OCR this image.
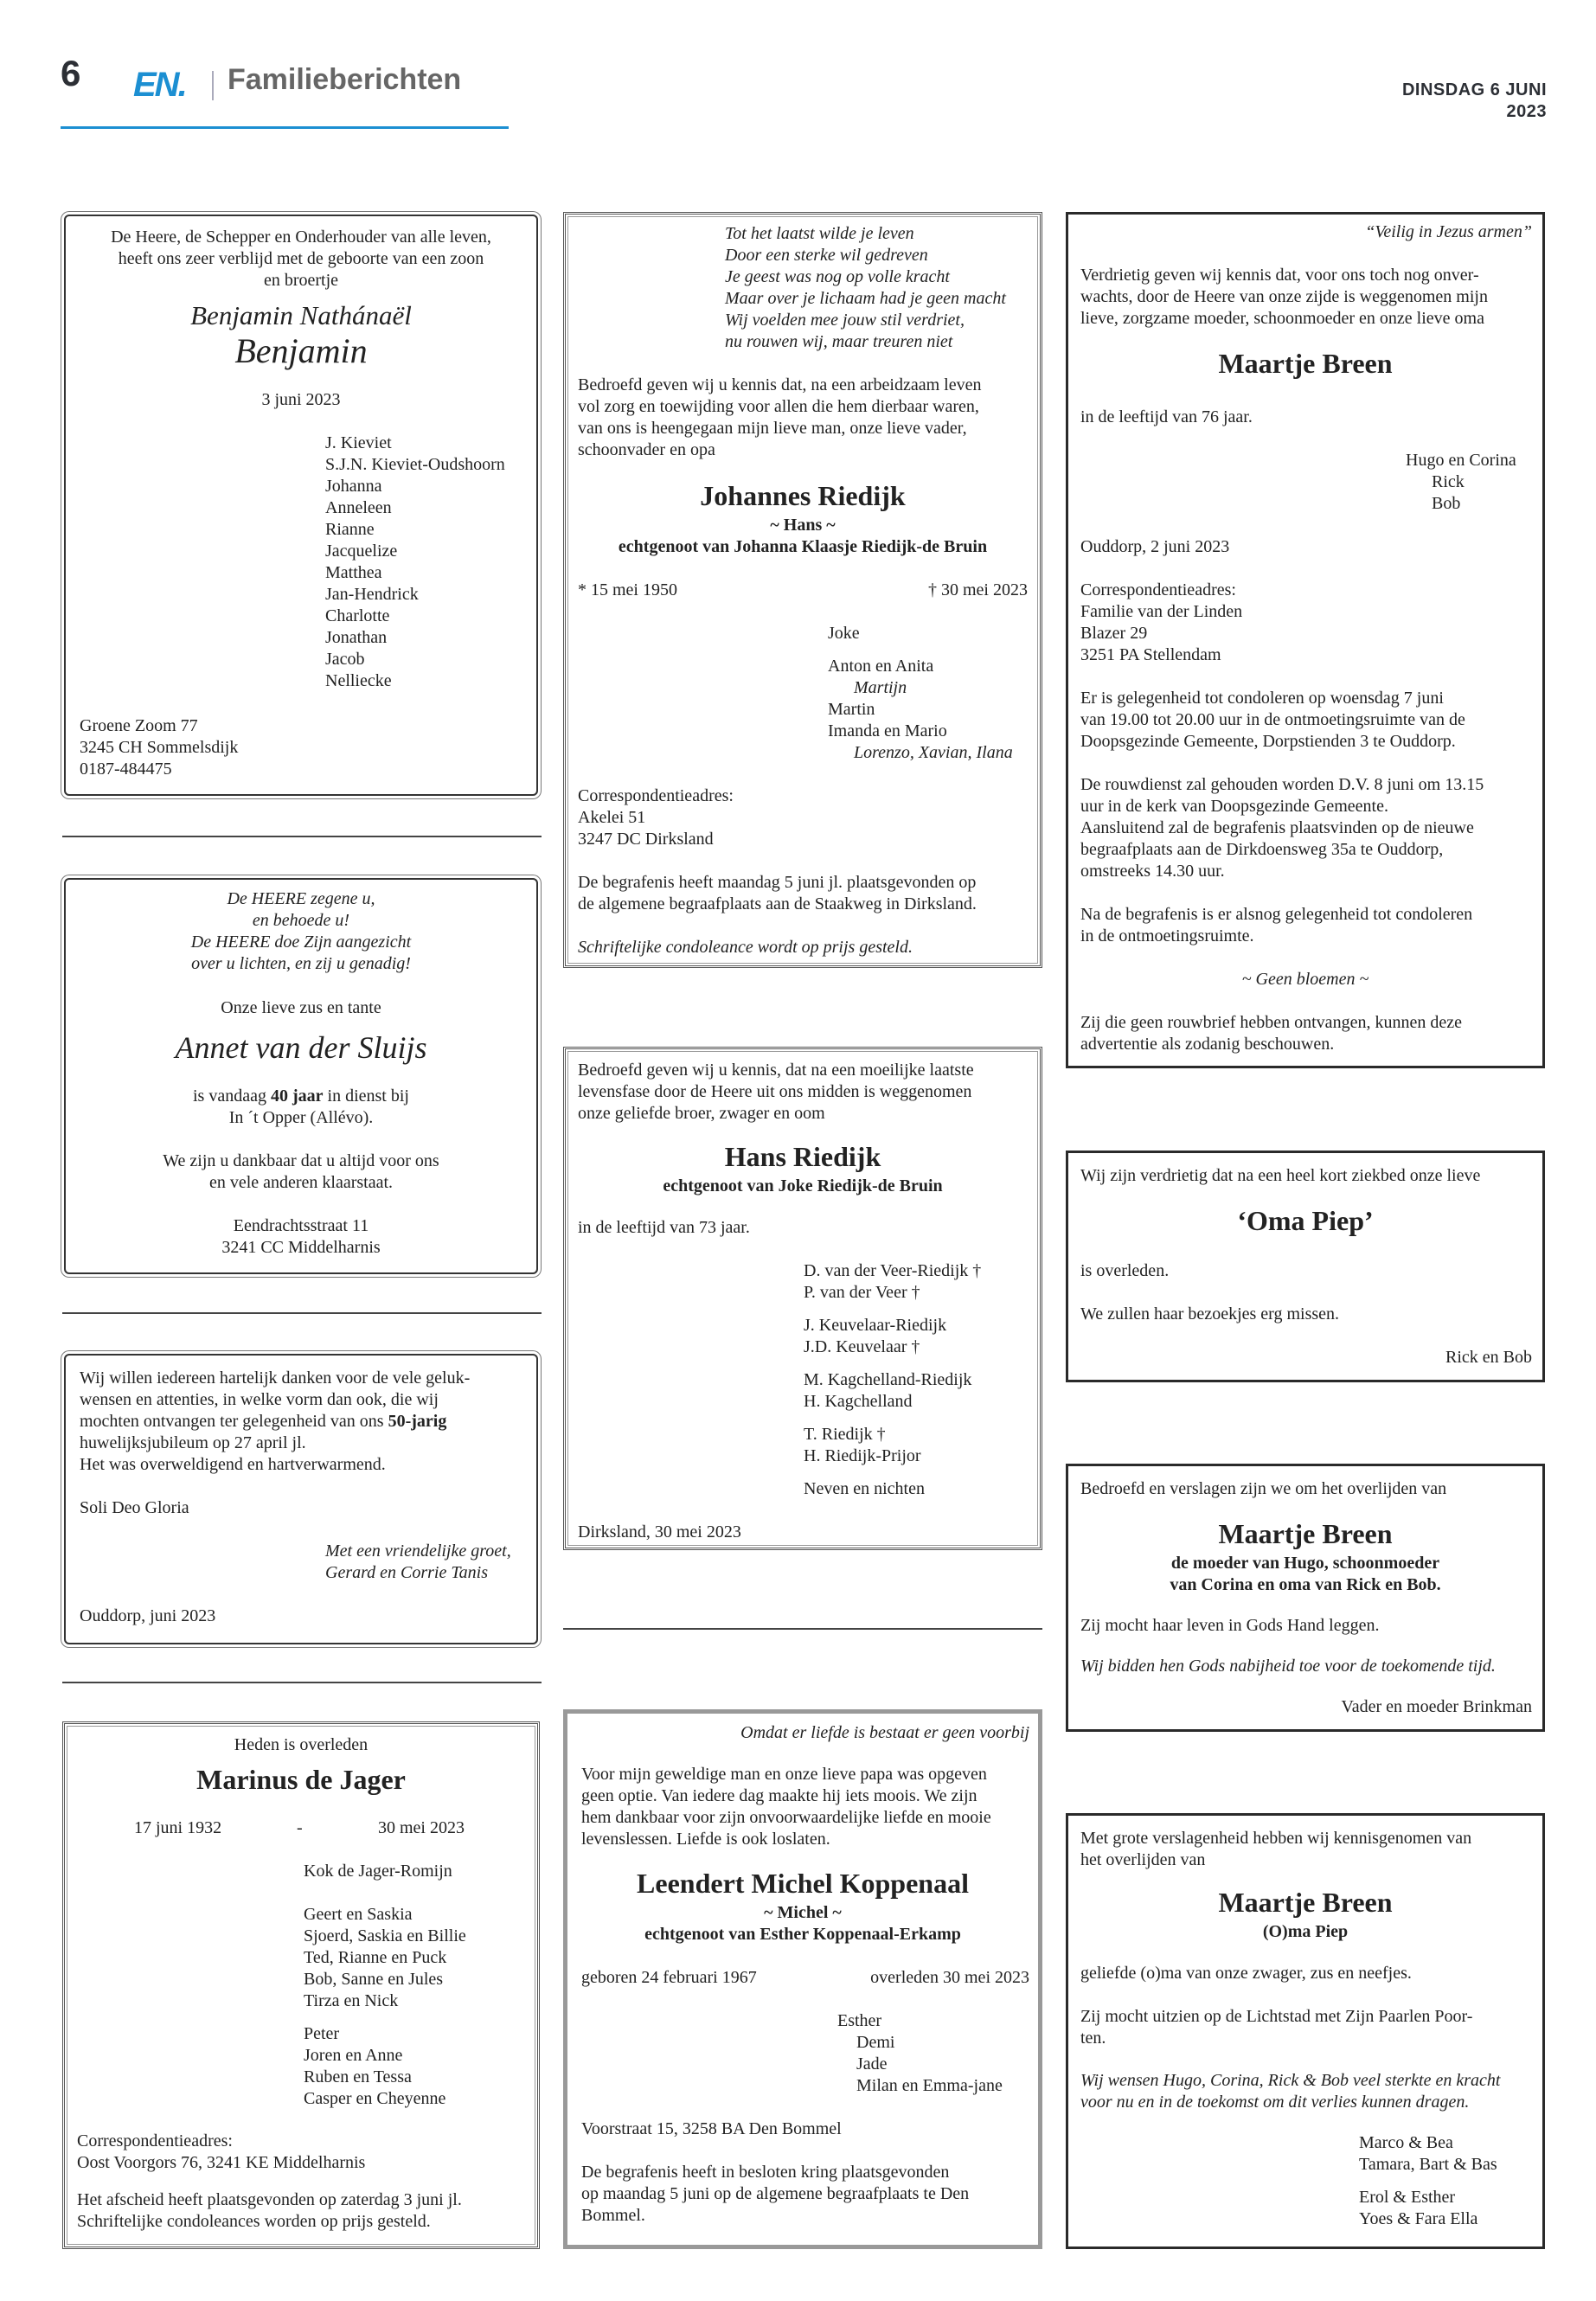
6 EN.	Familieberichten	DINSDAG 6 JUNI 2023
De Heere, de Schepper en Onderhouder van alle leven,
heeft ons zeer verblijd met de geboorte van een zoon
en broertje
Benjamin Nathánaël
Benjamin
3 juni 2023
J. Kieviet
S.J.N. Kieviet-Oudshoorn
Johanna
Anneleen
Rianne
Jacquelize
Matthea
Jan-Hendrick
Charlotte
Jonathan
Jacob
Nelliecke
Groene Zoom 77
3245 CH Sommelsdijk
0187-484475
De HEERE zegene u,
en behoede u!
De HEERE doe Zijn aangezicht
over u lichten, en zij u genadig!
Onze lieve zus en tante
Annet van der Sluijs
is vandaag 40 jaar in dienst bij
In ´t Opper (Allévo).
We zijn u dankbaar dat u altijd voor ons
en vele anderen klaarstaat.
Eendrachtsstraat 11
3241 CC Middelharnis
Wij willen iedereen hartelijk danken voor de vele geluk-
wensen en attenties, in welke vorm dan ook, die wij
mochten ontvangen ter gelegenheid van ons 50-jarig
huwelijksjubileum op 27 april jl.
Het was overweldigend en hartverwarmend.
Soli Deo Gloria
Met een vriendelijke groet,
Gerard en Corrie Tanis
Ouddorp, juni 2023
Heden is overleden
Marinus de Jager
17 juni 1932	-	30 mei 2023
Kok de Jager-Romijn
Geert en Saskia
Sjoerd, Saskia en Billie
Ted, Rianne en Puck
Bob, Sanne en Jules
Tirza en Nick
Peter
Joren en Anne
Ruben en Tessa
Casper en Cheyenne
Correspondentieadres:
Oost Voorgors 76, 3241 KE Middelharnis
Het afscheid heeft plaatsgevonden op zaterdag 3 juni jl.
Schriftelijke condoleances worden op prijs gesteld.
Tot het laatst wilde je leven
Door een sterke wil gedreven
Je geest was nog op volle kracht
Maar over je lichaam had je geen macht
Wij voelden mee jouw stil verdriet,
nu rouwen wij, maar treuren niet
Bedroefd geven wij u kennis dat, na een arbeidzaam leven
vol zorg en toewijding voor allen die hem dierbaar waren,
van ons is heengegaan mijn lieve man, onze lieve vader,
schoonvader en opa
Johannes Riedijk
~ Hans ~
echtgenoot van Johanna Klaasje Riedijk-de Bruin
* 15 mei 1950	† 30 mei 2023
Joke
Anton en Anita
Martijn
Martin
Imanda en Mario
Lorenzo, Xavian, Ilana
Correspondentieadres:
Akelei 51
3247 DC Dirksland
De begrafenis heeft maandag 5 juni jl. plaatsgevonden op
de algemene begraafplaats aan de Staakweg in Dirksland.
Schriftelijke condoleance wordt op prijs gesteld.
Bedroefd geven wij u kennis, dat na een moeilijke laatste
levensfase door de Heere uit ons midden is weggenomen
onze geliefde broer, zwager en oom
Hans Riedijk
echtgenoot van Joke Riedijk-de Bruin
in de leeftijd van 73 jaar.
D. van der Veer-Riedijk †
P. van der Veer †
J. Keuvelaar-Riedijk
J.D. Keuvelaar †
M. Kagchelland-Riedijk
H. Kagchelland
T. Riedijk †
H. Riedijk-Prijor
Neven en nichten
Dirksland, 30 mei 2023
Omdat er liefde is bestaat er geen voorbij
Voor mijn geweldige man en onze lieve papa was opgeven
geen optie. Van iedere dag maakte hij iets moois. We zijn
hem dankbaar voor zijn onvoorwaardelijke liefde en mooie
levenslessen. Liefde is ook loslaten.
Leendert Michel Koppenaal
~ Michel ~
echtgenoot van Esther Koppenaal-Erkamp
geboren 24 februari 1967	overleden 30 mei 2023
Esther
Demi
Jade
Milan en Emma-jane
Voorstraat 15, 3258 BA Den Bommel
De begrafenis heeft in besloten kring plaatsgevonden
op maandag 5 juni op de algemene begraafplaats te Den
Bommel.
“Veilig in Jezus armen”
Verdrietig geven wij kennis dat, voor ons toch nog onver-
wachts, door de Heere van onze zijde is weggenomen mijn
lieve, zorgzame moeder, schoonmoeder en onze lieve oma
Maartje Breen
in de leeftijd van 76 jaar.
Hugo en Corina
Rick
Bob
Ouddorp, 2 juni 2023
Correspondentieadres:
Familie van der Linden
Blazer 29
3251 PA Stellendam
Er is gelegenheid tot condoleren op woensdag 7 juni
van 19.00 tot 20.00 uur in de ontmoetingsruimte van de
Doopsgezinde Gemeente, Dorpstienden 3 te Ouddorp.
De rouwdienst zal gehouden worden D.V. 8 juni om 13.15
uur in de kerk van Doopsgezinde Gemeente.
Aansluitend zal de begrafenis plaatsvinden op de nieuwe
begraafplaats aan de Dirkdoensweg 35a te Ouddorp,
omstreeks 14.30 uur.
Na de begrafenis is er alsnog gelegenheid tot condoleren
in de ontmoetingsruimte.
~ Geen bloemen ~
Zij die geen rouwbrief hebben ontvangen, kunnen deze
advertentie als zodanig beschouwen.
Wij zijn verdrietig dat na een heel kort ziekbed onze lieve
‘Oma Piep’
is overleden.
We zullen haar bezoekjes erg missen.
Rick en Bob
Bedroefd en verslagen zijn we om het overlijden van
Maartje Breen
de moeder van Hugo, schoonmoeder
van Corina en oma van Rick en Bob.
Zij mocht haar leven in Gods Hand leggen.
Wij bidden hen Gods nabijheid toe voor de toekomende tijd.
Vader en moeder Brinkman
Met grote verslagenheid hebben wij kennisgenomen van
het overlijden van
Maartje Breen
(O)ma Piep
geliefde (o)ma van onze zwager, zus en neefjes.
Zij mocht uitzien op de Lichtstad met Zijn Paarlen Poor-
ten.
Wij wensen Hugo, Corina, Rick & Bob veel sterkte en kracht
voor nu en in de toekomst om dit verlies kunnen dragen.
Marco & Bea
Tamara, Bart & Bas
Erol & Esther
Yoes & Fara Ella
